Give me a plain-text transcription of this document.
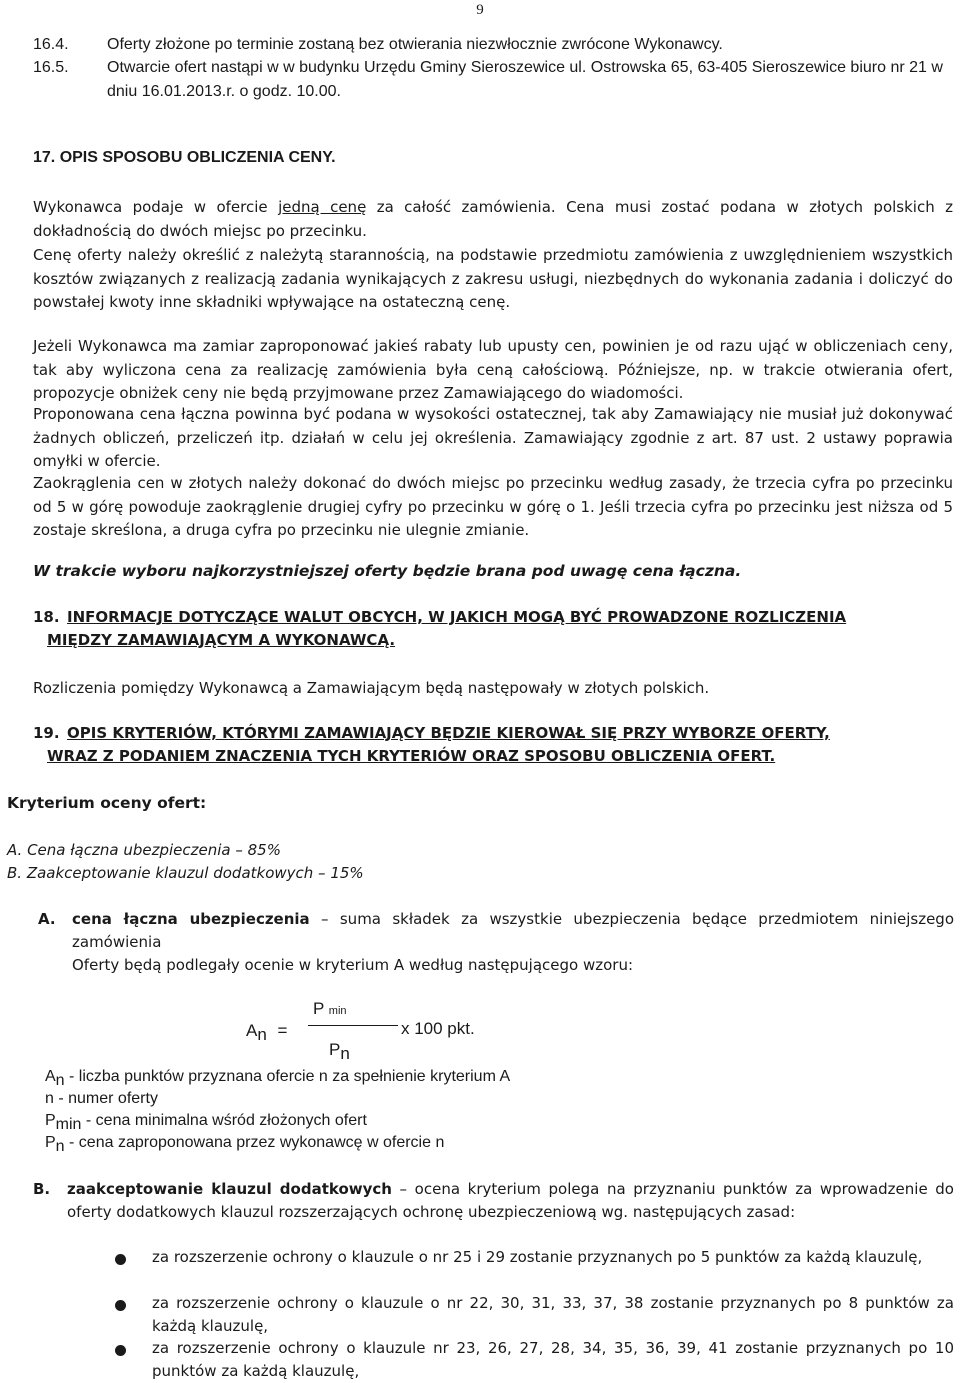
9
16.4. Oferty złożone po terminie zostaną bez otwierania niezwłocznie zwrócone Wykonawcy.
16.5. Otwarcie ofert nastąpi w w budynku Urzędu Gminy Sieroszewice ul. Ostrowska 65, 63-405 Sieroszewice biuro nr 21 w dniu 16.01.2013.r. o godz. 10.00.
17. OPIS SPOSOBU OBLICZENIA CENY.
Wykonawca podaje w ofercie jedną cenę za całość zamówienia. Cena musi zostać podana w złotych polskich z dokładnością do dwóch miejsc po przecinku.
Cenę oferty należy określić z należytą starannością, na podstawie przedmiotu zamówienia z uwzględnieniem wszystkich kosztów związanych z realizacją zadania wynikających z zakresu usługi, niezbędnych do wykonania zadania i doliczyć do powstałej kwoty inne składniki wpływające na ostateczną cenę.
Jeżeli Wykonawca ma zamiar zaproponować jakieś rabaty lub upusty cen, powinien je od razu ująć w obliczeniach ceny, tak aby wyliczona cena za realizację zamówienia była ceną całościową. Późniejsze, np. w trakcie otwierania ofert, propozycje obniżek ceny nie będą przyjmowane przez Zamawiającego do wiadomości.
Proponowana cena łączna powinna być podana w wysokości ostatecznej, tak aby Zamawiający nie musiał już dokonywać żadnych obliczeń, przeliczeń itp. działań w celu jej określenia. Zamawiający zgodnie z art. 87 ust. 2 ustawy poprawia omyłki w ofercie.
Zaokrąglenia cen w złotych należy dokonać do dwóch miejsc po przecinku według zasady, że trzecia cyfra po przecinku od 5 w górę powoduje zaokrąglenie drugiej cyfry po przecinku w górę o 1. Jeśli trzecia cyfra po przecinku jest niższa od 5 zostaje skreślona, a druga cyfra po przecinku nie ulegnie zmianie.
W trakcie wyboru najkorzystniejszej oferty będzie brana pod uwagę cena łączna.
18. INFORMACJE DOTYCZĄCE WALUT OBCYCH, W JAKICH MOGĄ BYĆ PROWADZONE ROZLICZENIA
MIĘDZY ZAMAWIAJĄCYM A WYKONAWCĄ.
Rozliczenia pomiędzy Wykonawcą a Zamawiającym będą następowały w złotych polskich.
19. OPIS KRYTERIÓW, KTÓRYMI ZAMAWIAJĄCY BĘDZIE KIEROWAŁ SIĘ PRZY WYBORZE OFERTY,
WRAZ Z PODANIEM ZNACZENIA TYCH KRYTERIÓW ORAZ SPOSOBU OBLICZENIA OFERT.
Kryterium oceny ofert:
A. Cena łączna ubezpieczenia – 85%
B. Zaakceptowanie klauzul dodatkowych – 15%
A.	cena łączna ubezpieczenia – suma składek za wszystkie ubezpieczenia będące przedmiotem niniejszego zamówienia
Oferty będą podlegały ocenie w kryterium A według następującego wzoru:
P min
An =	x 100 pkt.
Pn
An - liczba punktów przyznana ofercie n za spełnienie kryterium A
n - numer oferty
Pmin - cena minimalna wśród złożonych ofert
Pn - cena zaproponowana przez wykonawcę w ofercie n
B.	zaakceptowanie klauzul dodatkowych – ocena kryterium polega na przyznaniu punktów za wprowadzenie do oferty dodatkowych klauzul rozszerzających ochronę ubezpieczeniową wg. następujących zasad:
za rozszerzenie ochrony o klauzule o nr 25 i 29 zostanie przyznanych po 5 punktów za każdą klauzulę,
za rozszerzenie ochrony o klauzule o nr 22, 30, 31, 33, 37, 38 zostanie przyznanych po 8 punktów za każdą klauzulę,
za rozszerzenie ochrony o klauzule nr 23, 26, 27, 28, 34, 35, 36, 39, 41 zostanie przyznanych po 10 punktów za każdą klauzulę,
